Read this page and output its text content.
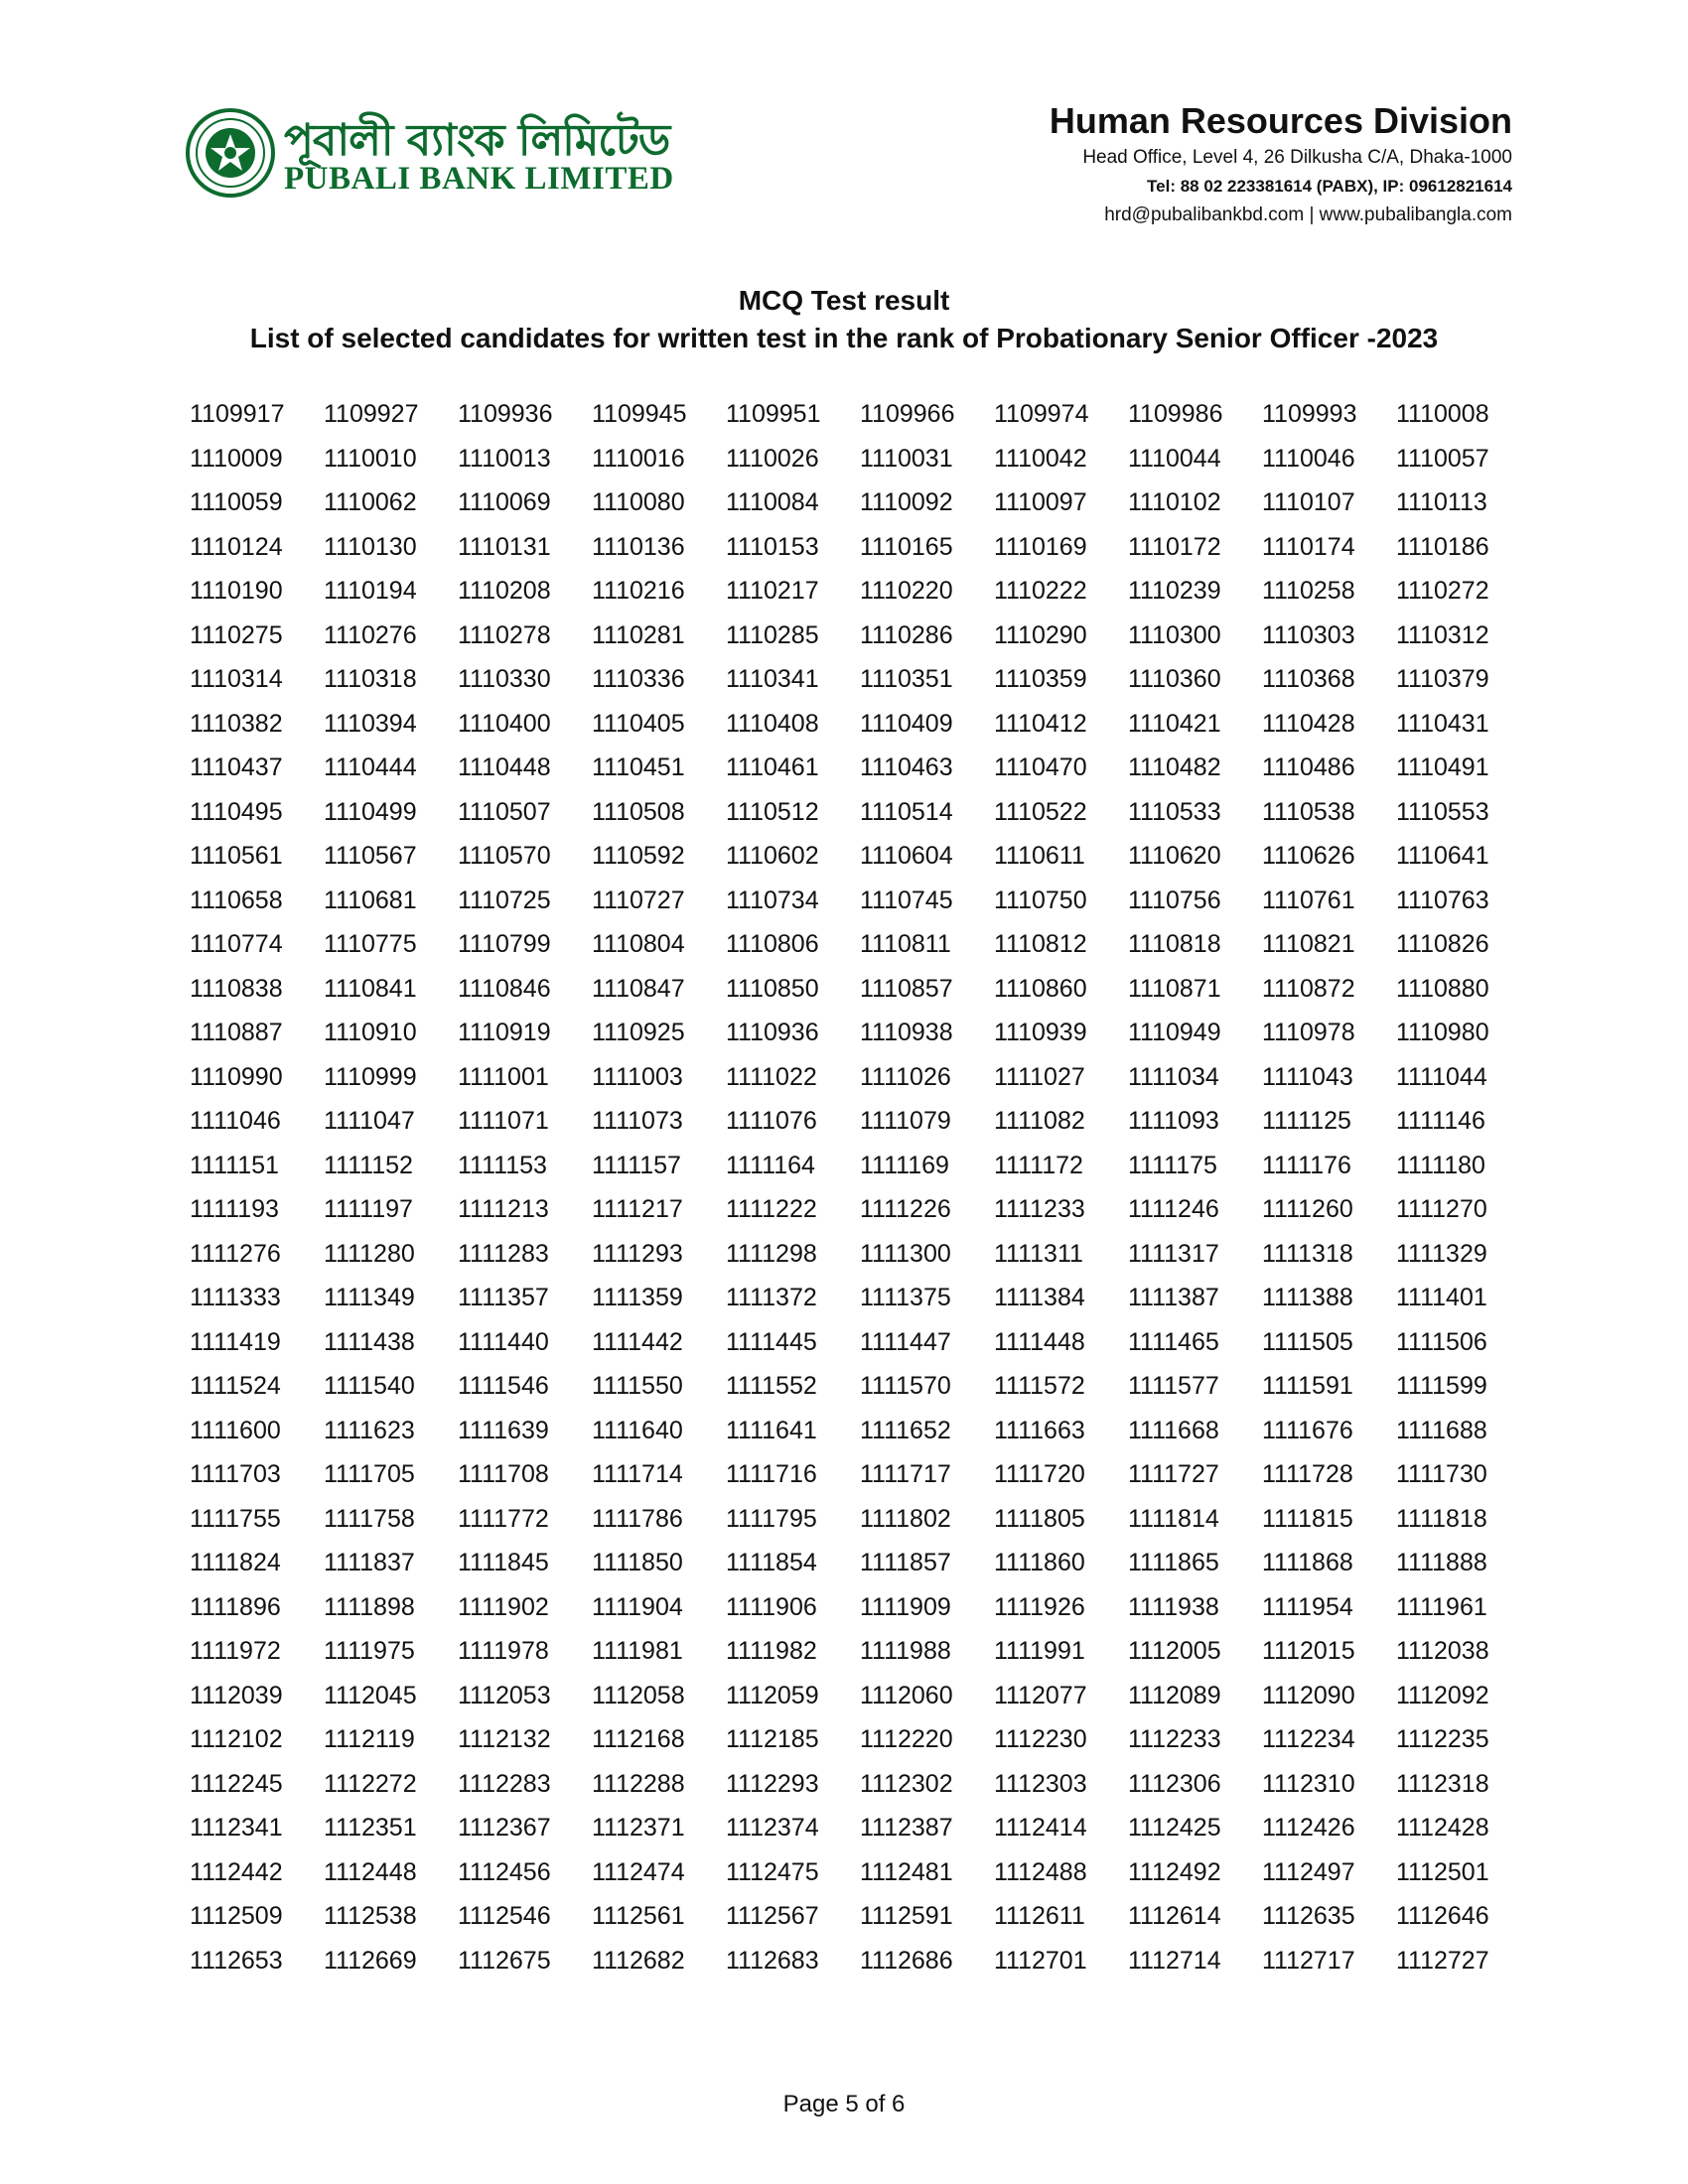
পূবালী ব্যাংক লিমিটেড
PUBALI BANK LIMITED
Human Resources Division
Head Office, Level 4, 26 Dilkusha C/A, Dhaka-1000
Tel: 88 02 223381614 (PABX), IP: 09612821614
hrd@pubalibankbd.com | www.pubalibangla.com
MCQ Test result
List of selected candidates for written test in the rank of Probationary Senior Officer -2023
1109917	1109927	1109936	1109945	1109951	1109966	1109974	1109986	1109993	1110008
1110009	1110010	1110013	1110016	1110026	1110031	1110042	1110044	1110046	1110057
1110059	1110062	1110069	1110080	1110084	1110092	1110097	1110102	1110107	1110113
1110124	1110130	1110131	1110136	1110153	1110165	1110169	1110172	1110174	1110186
1110190	1110194	1110208	1110216	1110217	1110220	1110222	1110239	1110258	1110272
1110275	1110276	1110278	1110281	1110285	1110286	1110290	1110300	1110303	1110312
1110314	1110318	1110330	1110336	1110341	1110351	1110359	1110360	1110368	1110379
1110382	1110394	1110400	1110405	1110408	1110409	1110412	1110421	1110428	1110431
1110437	1110444	1110448	1110451	1110461	1110463	1110470	1110482	1110486	1110491
1110495	1110499	1110507	1110508	1110512	1110514	1110522	1110533	1110538	1110553
1110561	1110567	1110570	1110592	1110602	1110604	1110611	1110620	1110626	1110641
1110658	1110681	1110725	1110727	1110734	1110745	1110750	1110756	1110761	1110763
1110774	1110775	1110799	1110804	1110806	1110811	1110812	1110818	1110821	1110826
1110838	1110841	1110846	1110847	1110850	1110857	1110860	1110871	1110872	1110880
1110887	1110910	1110919	1110925	1110936	1110938	1110939	1110949	1110978	1110980
1110990	1110999	1111001	1111003	1111022	1111026	1111027	1111034	1111043	1111044
1111046	1111047	1111071	1111073	1111076	1111079	1111082	1111093	1111125	1111146
1111151	1111152	1111153	1111157	1111164	1111169	1111172	1111175	1111176	1111180
1111193	1111197	1111213	1111217	1111222	1111226	1111233	1111246	1111260	1111270
1111276	1111280	1111283	1111293	1111298	1111300	1111311	1111317	1111318	1111329
1111333	1111349	1111357	1111359	1111372	1111375	1111384	1111387	1111388	1111401
1111419	1111438	1111440	1111442	1111445	1111447	1111448	1111465	1111505	1111506
1111524	1111540	1111546	1111550	1111552	1111570	1111572	1111577	1111591	1111599
1111600	1111623	1111639	1111640	1111641	1111652	1111663	1111668	1111676	1111688
1111703	1111705	1111708	1111714	1111716	1111717	1111720	1111727	1111728	1111730
1111755	1111758	1111772	1111786	1111795	1111802	1111805	1111814	1111815	1111818
1111824	1111837	1111845	1111850	1111854	1111857	1111860	1111865	1111868	1111888
1111896	1111898	1111902	1111904	1111906	1111909	1111926	1111938	1111954	1111961
1111972	1111975	1111978	1111981	1111982	1111988	1111991	1112005	1112015	1112038
1112039	1112045	1112053	1112058	1112059	1112060	1112077	1112089	1112090	1112092
1112102	1112119	1112132	1112168	1112185	1112220	1112230	1112233	1112234	1112235
1112245	1112272	1112283	1112288	1112293	1112302	1112303	1112306	1112310	1112318
1112341	1112351	1112367	1112371	1112374	1112387	1112414	1112425	1112426	1112428
1112442	1112448	1112456	1112474	1112475	1112481	1112488	1112492	1112497	1112501
1112509	1112538	1112546	1112561	1112567	1112591	1112611	1112614	1112635	1112646
1112653	1112669	1112675	1112682	1112683	1112686	1112701	1112714	1112717	1112727
Page 5 of 6
